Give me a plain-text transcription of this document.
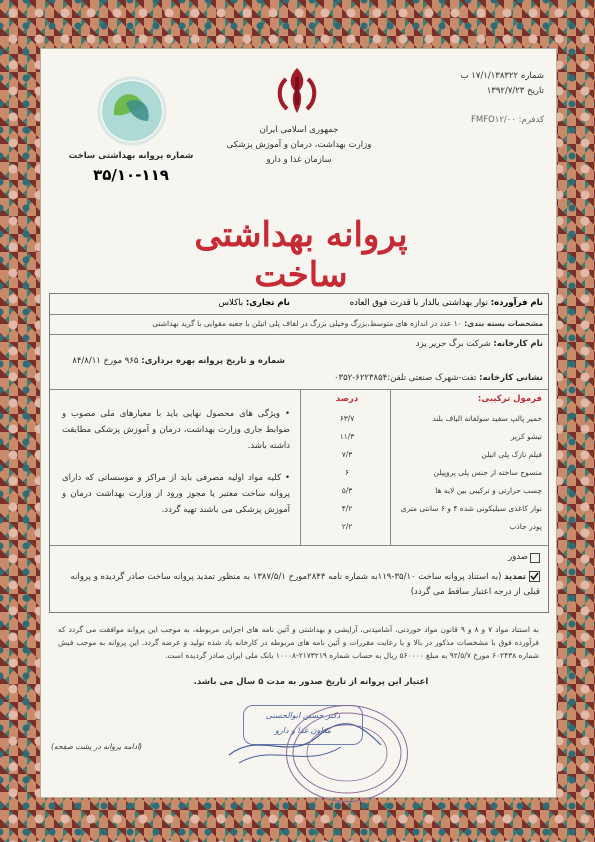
شماره پروانه بهداشتی ساخت
۳۵/۱۰-۱۱۹
جمهوری اسلامی ایران
وزارت بهداشت، درمان و آموزش پزشکی
سازمان غذا و دارو
شماره ۱۷/۱/۱۳۸۳۲۲ ب
تاریخ ۱۳۹۲/۷/۲۳
کدفرم: FMFO۱۲/۰۰
پروانه بهداشتی ساخت
نام فرآورده: نوار بهداشتی بالدار با قدرت فوق العاده
نام تجاری: باکلاس
مشخصات بسته بندی: ۱۰ عدد در اندازه های متوسط،بزرگ وخیلی بزرگ در لفاف پلی اتیلن با جعبه مقوایی با گرید بهداشتی
نام کارخانه: شرکت برگ حریر یزد
شماره و تاریخ پروانه بهره برداری: ۹۶۵ مورخ ۸۴/۸/۱۱
نشانی کارخانه: تفت-شهرک صنعتی تلفن:۶۲۲۳۸۵۴-۰۳۵۲
فرمول ترکیبی:
درصد
خمیر پالپ سفید سولفاته الیاف بلند
۶۳/۷
تیشو کرپر
۱۱/۳
فیلم نازک پلی اتیلن
۷/۳
منسوج ساخته از جنس پلی پروپیلن
۶
چسب حرارتی و ترکیبی بین لایه ها
۵/۳
نوار کاغذی سیلیکونی شده ۴ و ۶ سانتی متری
۴/۲
پودر جاذب
۲/۲
• ویژگی های محصول نهایی باید با معیارهای ملی مصوب و ضوابط جاری وزارت بهداشت، درمان و آموزش پزشکی مطابقت داشته باشد.
• کلیه مواد اولیه مصرفی باید از مراکز و موسساتی که دارای پروانه ساخت معتبر یا مجوز ورود از وزارت بهداشت درمان و آموزش پزشکی می باشند تهیه گردد.
صدور
تمدید (به استناد پروانه ساخت ۳۵/۱۰-۱۱۹به شماره نامه ۲۸۴۴مورخ ۱۳۸۷/۵/۱ به منظور تمدید پروانه ساخت صادر گردیده و پروانه قبلی از درجه اعتبار ساقط می گردد)
به استناد مواد ۷ و ۸ و ۹ قانون مواد خوردنی، آشامیدنی، آرایشی و بهداشتی و آئین نامه های اجرایی مربوطه، به موجب این پروانه موافقت می گردد که فرآورده فوق با مشخصات مذکور در بالا و با رعایت مقررات و آئین نامه های مربوطه در کارخانه یاد شده تولید و عرضه گردد. این پروانه به موجب فیش شماره ۶۰۲۴۳۸ مورخ ۹۲/۵/۷ به مبلغ ۵۶۰۰۰۰ ریال به حساب شماره ۲۱۷۳۲۱۹-۱۰۰۰۸ بانک ملی ایران صادر گردیده است.
اعتبار این پروانه از تاریخ صدور به مدت ۵ سال می باشد.
(ادامه پروانه در پشت صفحه)
دکتر حسین ابوالحسنی
معاون غذا و دارو
